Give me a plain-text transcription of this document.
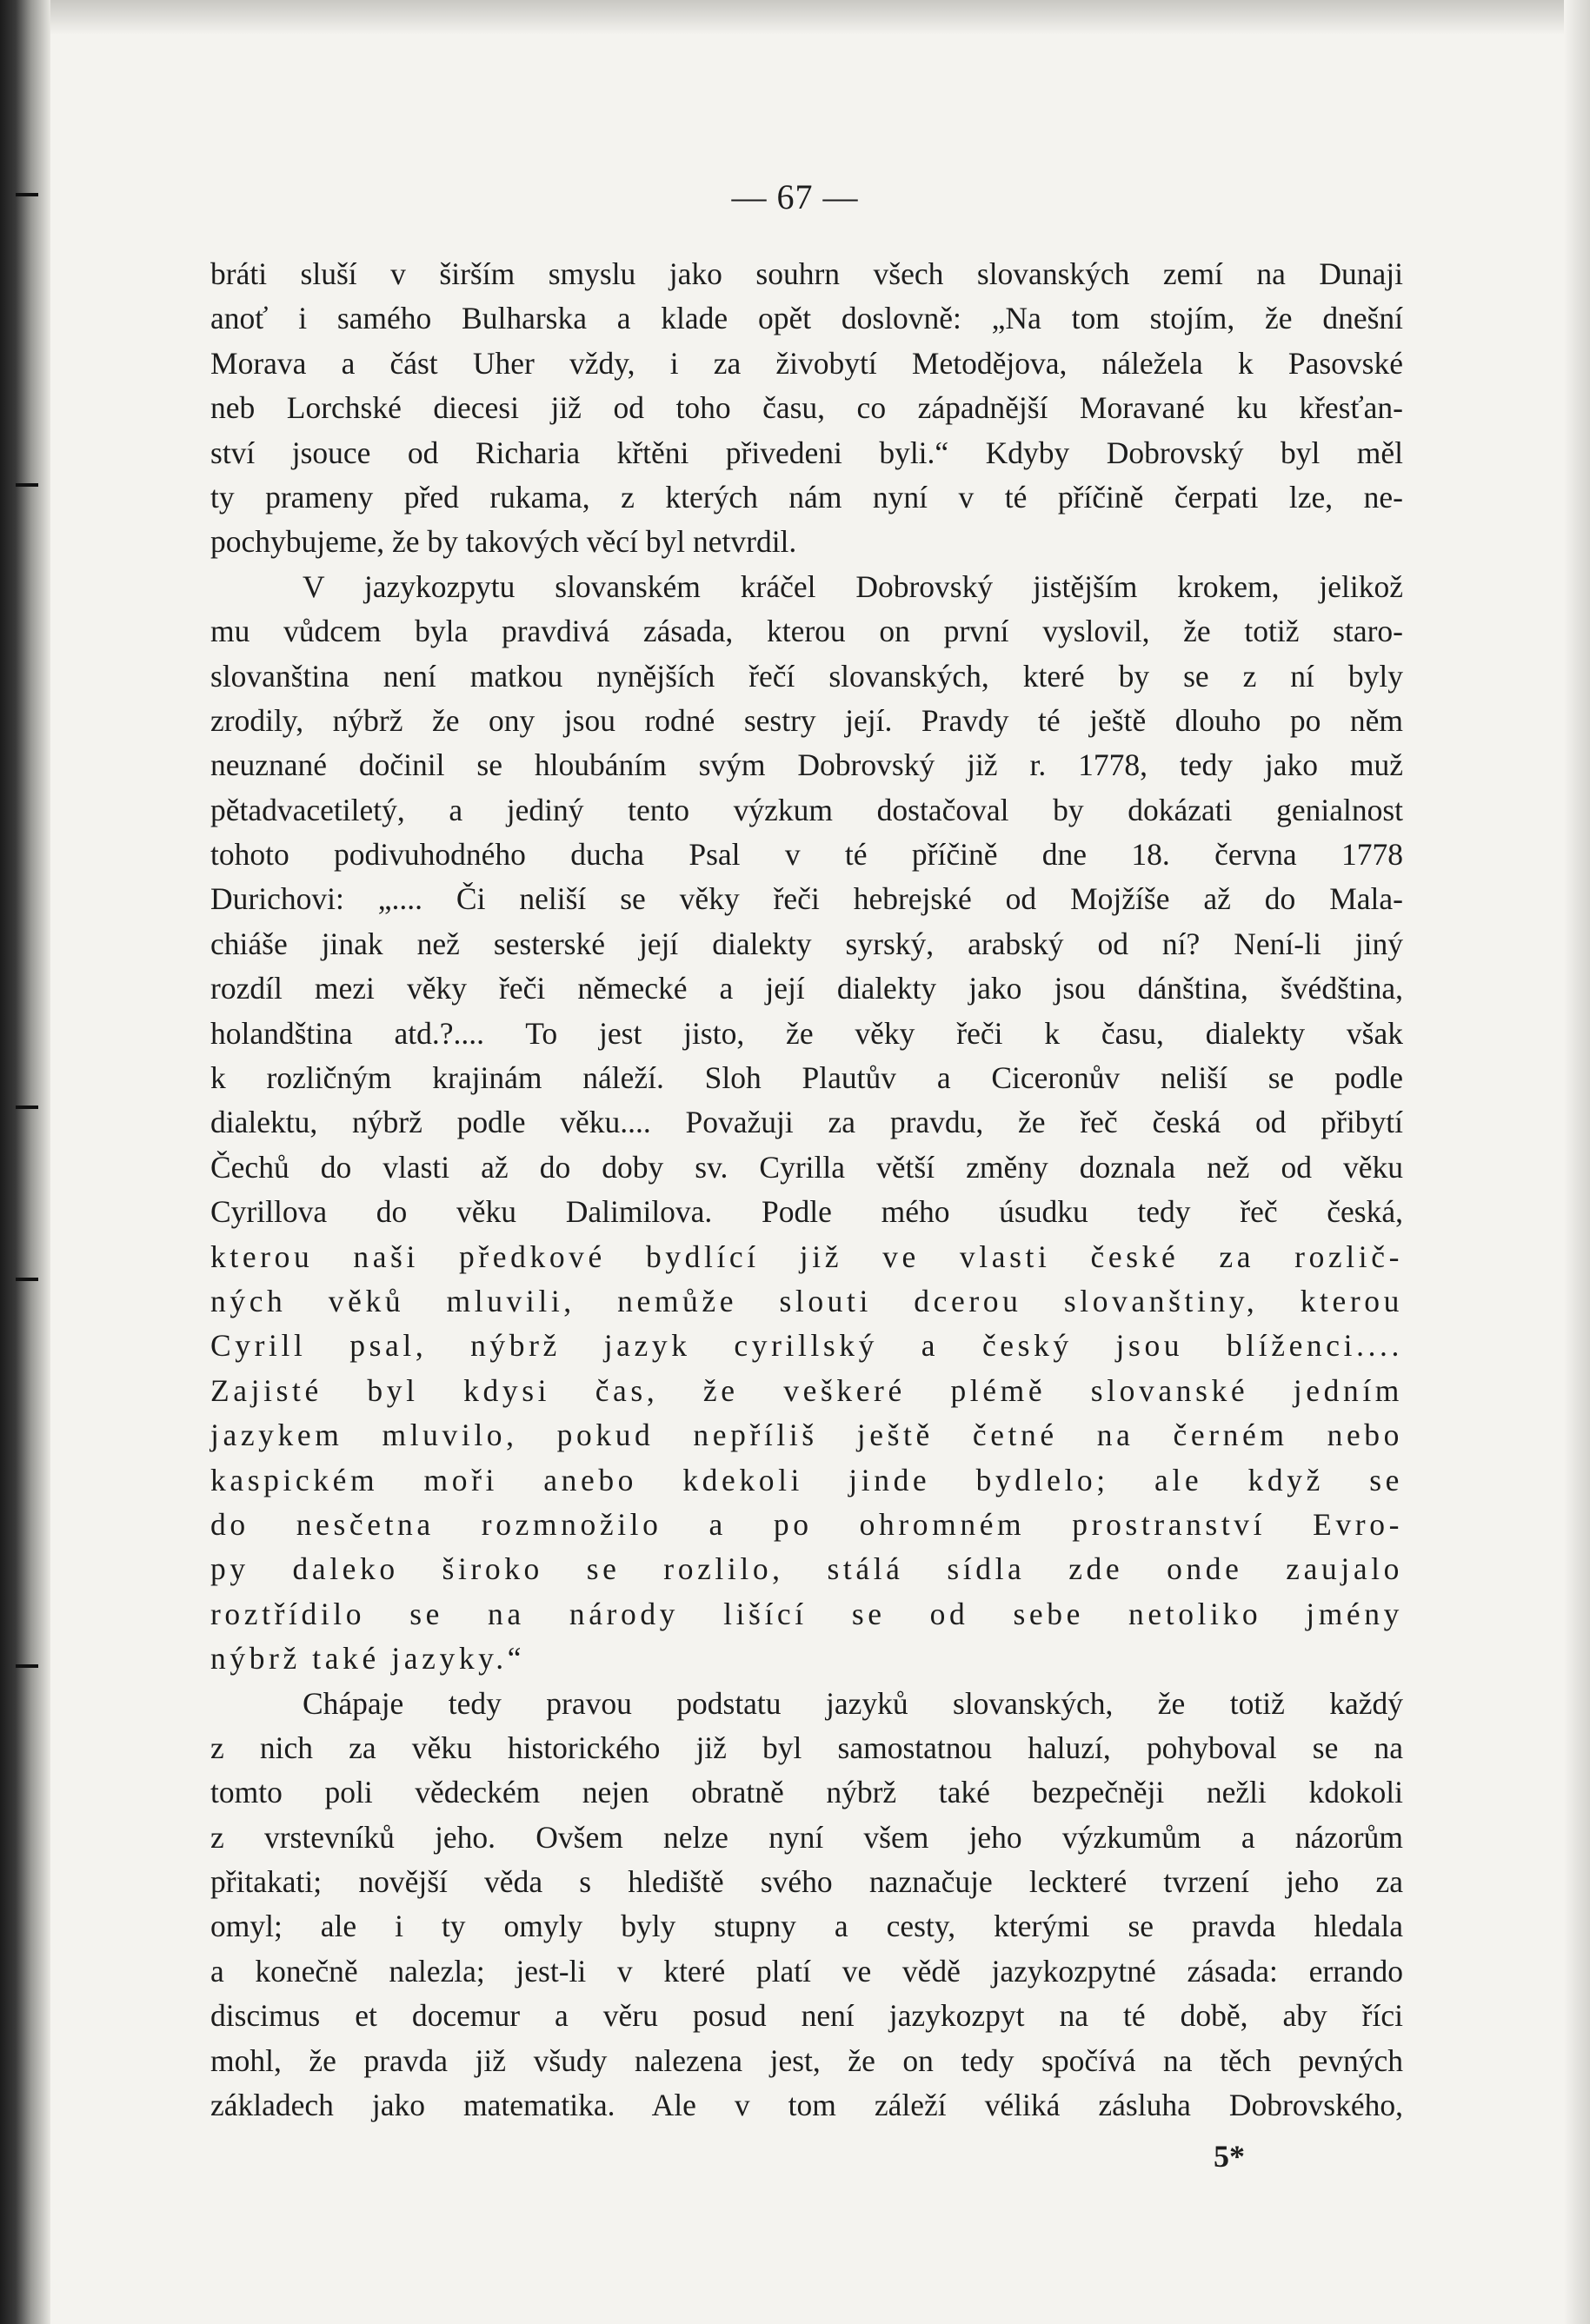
— 67 —
bráti sluší v širším smyslu jako souhrn všech slovanských zemí na Dunaji
anoť i samého Bulharska a klade opět doslovně: „Na tom stojím, že dnešní
Morava a část Uher vždy, i za živobytí Metodějova, náležela k Pasovské
neb Lorchské diecesi již od toho času, co západnější Moravané ku křesťan-
ství jsouce od Richaria křtěni přivedeni byli.“ Kdyby Dobrovský byl měl
ty prameny před rukama, z kterých nám nyní v té příčině čerpati lze, ne-
pochybujeme, že by takových věcí byl netvrdil.
V jazykozpytu slovanském kráčel Dobrovský jistějším krokem, jelikož
mu vůdcem byla pravdivá zásada, kterou on první vyslovil, že totiž staro-
slovanština není matkou nynějších řečí slovanských, které by se z ní byly
zrodily, nýbrž že ony jsou rodné sestry její. Pravdy té ještě dlouho po něm
neuznané dočinil se hloubáním svým Dobrovský již r. 1778, tedy jako muž
pětadvacetiletý, a jediný tento výzkum dostačoval by dokázati genialnost
tohoto podivuhodného ducha Psal v té příčině dne 18. června 1778
Durichovi: „.... Či neliší se věky řeči hebrejské od Mojžíše až do Mala-
chiáše jinak než sesterské její dialekty syrský, arabský od ní? Není-li jiný
rozdíl mezi věky řeči německé a její dialekty jako jsou dánština, švédština,
holandština atd.?.... To jest jisto, že věky řeči k času, dialekty však
k rozličným krajinám náleží. Sloh Plautův a Ciceronův neliší se podle
dialektu, nýbrž podle věku.... Považuji za pravdu, že řeč česká od přibytí
Čechů do vlasti až do doby sv. Cyrilla větší změny doznala než od věku
Cyrillova do věku Dalimilova. Podle mého úsudku tedy řeč česká,
kterou naši předkové bydlící již ve vlasti české za rozlič-
ných věků mluvili, nemůže slouti dcerou slovanštiny, kterou
Cyrill psal, nýbrž jazyk cyrillský a český jsou blíženci....
Zajisté byl kdysi čas, že veškeré plémě slovanské jedním
jazykem mluvilo, pokud nepříliš ještě četné na černém nebo
kaspickém moři anebo kdekoli jinde bydlelo; ale když se
do nesčetna rozmnožilo a po ohromném prostranství Evro-
py daleko široko se rozlilo, stálá sídla zde onde zaujalo
roztřídilo se na národy lišící se od sebe netoliko jmény
nýbrž také jazyky.“
Chápaje tedy pravou podstatu jazyků slovanských, že totiž každý
z nich za věku historického již byl samostatnou haluzí, pohyboval se na
tomto poli vědeckém nejen obratně nýbrž také bezpečněji nežli kdokoli
z vrstevníků jeho. Ovšem nelze nyní všem jeho výzkumům a názorům
přitakati; novější věda s hlediště svého naznačuje leckteré tvrzení jeho za
omyl; ale i ty omyly byly stupny a cesty, kterými se pravda hledala
a konečně nalezla; jest-li v které platí ve vědě jazykozpytné zásada: errando
discimus et docemur a věru posud není jazykozpyt na té době, aby říci
mohl, že pravda již všudy nalezena jest, že on tedy spočívá na těch pevných
základech jako matematika. Ale v tom záleží véliká zásluha Dobrovského,
5*
